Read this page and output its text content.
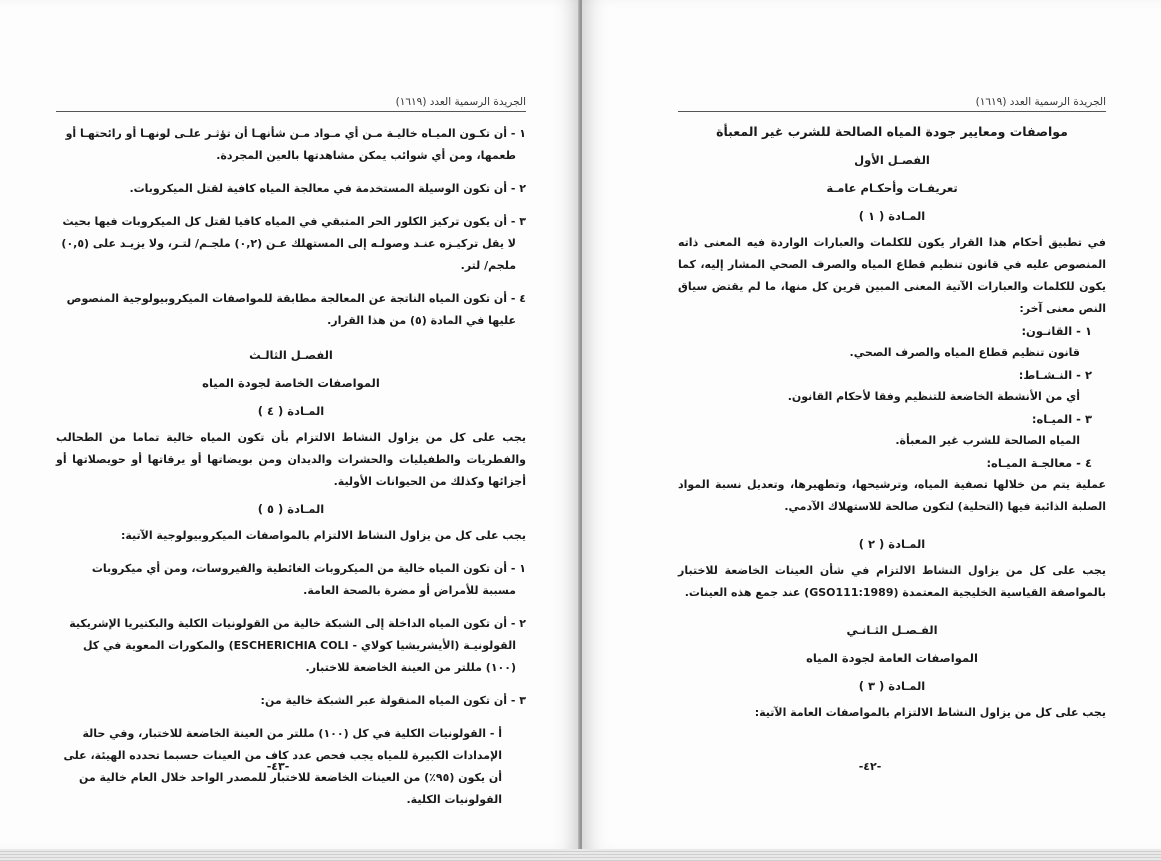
الجريدة الرسمية العدد (١٦١٩)

١ - أن تكـون الميـاه خاليـة مـن أي مـواد مـن شأنهـا أن تؤثـر علـى لونهـا أو رائحتهـا أو طعمها، ومن أي شوائب يمكن مشاهدتها بالعين المجردة.

٢ - أن تكون الوسيلة المستخدمة في معالجة المياه كافية لقتل الميكروبات.

٣ - أن يكون تركيز الكلور الحر المتبقي في المياه كافيا لقتل كل الميكروبات فيها بحيث لا يقل تركيـزه عنـد وصولـه إلى المستهلك عـن (٠,٢) ملجـم/ لتـر، ولا يزيـد على (٠,٥) ملجم/ لتر.

٤ - أن تكون المياه الناتجة عن المعالجة مطابقة للمواصفات الميكروبيولوجية المنصوص عليها في المادة (٥) من هذا القرار.

الفصـل الثالـث
المواصفات الخاصة لجودة المياه
المـادة ( ٤ )

يجب على كل من يزاول النشاط الالتزام بأن تكون المياه خالية تماما من الطحالب والفطريات والطفيليات والحشرات والديدان ومن بويضاتها أو يرقاتها أو حويصلاتها أو أجزائها وكذلك من الحيوانات الأولية.

المـادة ( ٥ )

يجب على كل من يزاول النشاط الالتزام بالمواصفات الميكروبيولوجية الآتية:

١ - أن تكون المياه خالية من الميكروبات الغائطية والفيروسات، ومن أي ميكروبات مسببة للأمراض أو مضرة بالصحة العامة.

٢ - أن تكون المياه الداخلة إلى الشبكة خالية من القولونيات الكلية والبكتيريا الإشريكية القولونيـة (الأيشريشيا كولاي - ESCHERICHIA COLI) والمكورات المعوية في كل (١٠٠) مللتر من العينة الخاضعة للاختبار.

٣ - أن تكون المياه المنقولة عبر الشبكة خالية من:

أ - القولونيات الكلية في كل (١٠٠) مللتر من العينة الخاضعة للاختبار، وفي حالة الإمدادات الكبيرة للمياه يجب فحص عدد كاف من العينات حسبما تحدده الهيئة، على أن يكون (٩٥٪) من العينات الخاضعة للاختبار للمصدر الواحد خلال العام خالية من القولونيات الكلية.

-٤٣-
الجريدة الرسمية العدد (١٦١٩)
مواصفات ومعايير جودة المياه الصالحة للشرب غير المعبأة
الفصـل الأول
تعريفـات وأحكـام عامـة
المـادة ( ١ )

في تطبيق أحكام هذا القرار يكون للكلمات والعبارات الواردة فيه المعنى ذاته المنصوص عليه في قانون تنظيم قطاع المياه والصرف الصحي المشار إليه، كما يكون للكلمات والعبارات الآتية المعنى المبين قرين كل منها، ما لم يقتض سياق النص معنى آخر:

١ - القانـون:
قانون تنظيم قطاع المياه والصرف الصحي.
٢ - النـشـاط:
أي من الأنشطة الخاضعة للتنظيم وفقا لأحكام القانون.
٣ - الميـاه:
المياه الصالحة للشرب غير المعبأة.
٤ - معالجـة الميـاه:

عملية يتم من خلالها تصفية المياه، وترشيحها، وتطهيرها، وتعديل نسبة المواد الصلبة الذائبة فيها (التحلية) لتكون صالحة للاستهلاك الآدمي.

المـادة ( ٢ )

يجب على كل من يزاول النشاط الالتزام في شأن العينات الخاضعة للاختبار بالمواصفة القياسية الخليجية المعتمدة (GSO111:1989) عند جمع هذه العينات.

الفـصـل الثـانـي
المواصفات العامة لجودة المياه
المـادة ( ٣ )

يجب على كل من يزاول النشاط الالتزام بالمواصفات العامة الآتية:

-٤٢-
